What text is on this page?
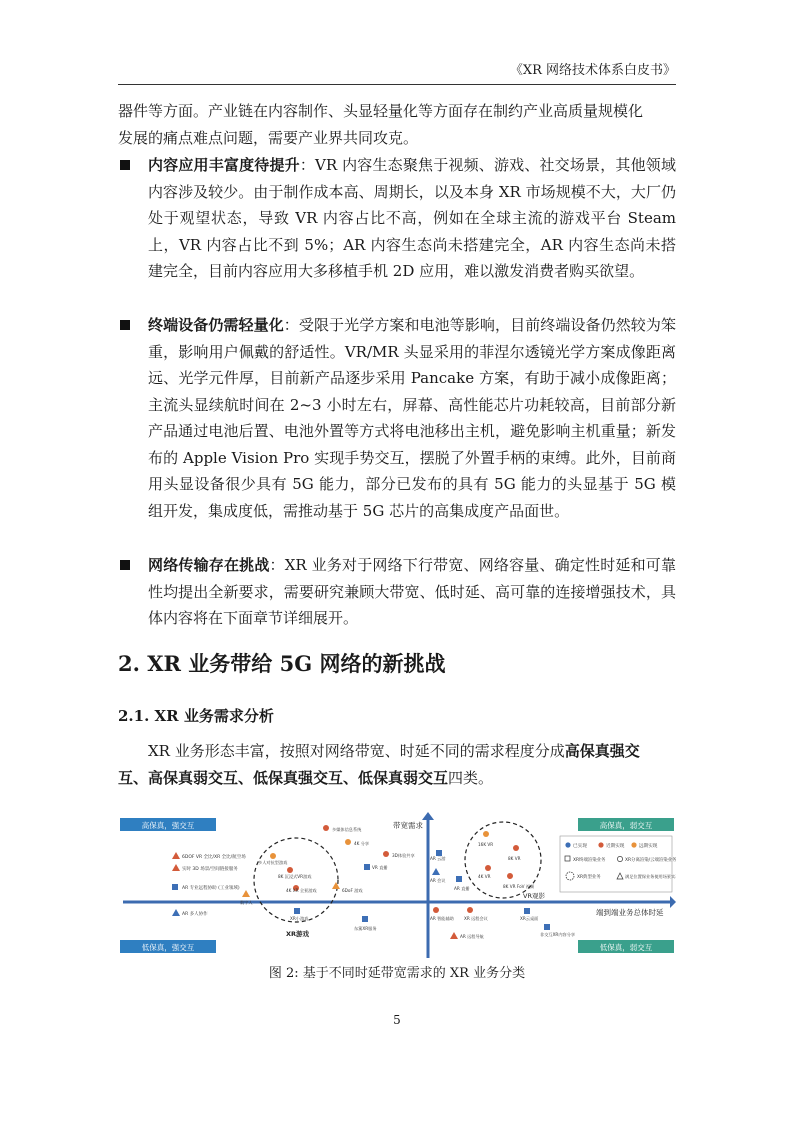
《XR 网络技术体系白皮书》
器件等方面。产业链在内容制作、头显轻量化等方面存在制约产业高质量规模化
发展的痛点难点问题，需要产业界共同攻克。
内容应用丰富度待提升：VR 内容生态聚焦于视频、游戏、社交场景，其他领域内容涉及较少。由于制作成本高、周期长，以及本身 XR 市场规模不大，大厂仍处于观望状态，导致 VR 内容占比不高，例如在全球主流的游戏平台 Steam 上，VR 内容占比不到 5%；AR 内容生态尚未搭建完全，AR 内容生态尚未搭建完全，目前内容应用大多移植手机 2D 应用，难以激发消费者购买欲望。
终端设备仍需轻量化：受限于光学方案和电池等影响，目前终端设备仍然较为笨重，影响用户佩戴的舒适性。VR/MR 头显采用的菲涅尔透镜光学方案成像距离远、光学元件厚，目前新产品逐步采用 Pancake 方案，有助于减小成像距离；主流头显续航时间在 2~3 小时左右，屏幕、高性能芯片功耗较高，目前部分新产品通过电池后置、电池外置等方式将电池移出主机，避免影响主机重量；新发布的 Apple Vision Pro 实现手势交互，摆脱了外置手柄的束缚。此外，目前商用头显设备很少具有 5G 能力，部分已发布的具有 5G 能力的头显基于 5G 模组开发，集成度低，需推动基于 5G 芯片的高集成度产品面世。
网络传输存在挑战：XR 业务对于网络下行带宽、网络容量、确定性时延和可靠性均提出全新要求，需要研究兼顾大带宽、低时延、高可靠的连接增强技术，具体内容将在下面章节详细展开。
2. XR 业务带给 5G 网络的新挑战
2.1. XR 业务需求分析
XR 业务形态丰富，按照对网络带宽、时延不同的需求程度分成高保真强交
互、高保真弱交互、低保真强交互、低保真弱交互四类。
高保真，强交互	高保真，弱交互
低保真，强交互	低保真，弱交互
带宽需求
端到端业务总体时延
XR游戏
VR观影
6DOF VR 全比/XR 全比/航空场
实时 3D 场景/空间链接服务
AR 专业远程协助 (工业领域)
AR 多人协作
多人对抗型游戏
8K 沉浸式VR游戏
4K XR 全景游戏
数字人
XR小游戏
多媒体信息系统
4K 分享
VR 直播
6DoF 游戏
3D体验共享
东篱XR服务
AR 云游
AR 会议
AR 直播
16K VR
8K VR
4K VR
8K VR FoV 视频
AR 智能辅助 XR 远程会议	XR云桌面
AR 远程导航	非交互XR内容分享
已实现	近期实现	远期实现
XR终端渲染业务	XR分离渲染/云端渲染业务
XR典型业务	满足位置保业务使用场景实现
图 2: 基于不同时延带宽需求的 XR 业务分类
5
